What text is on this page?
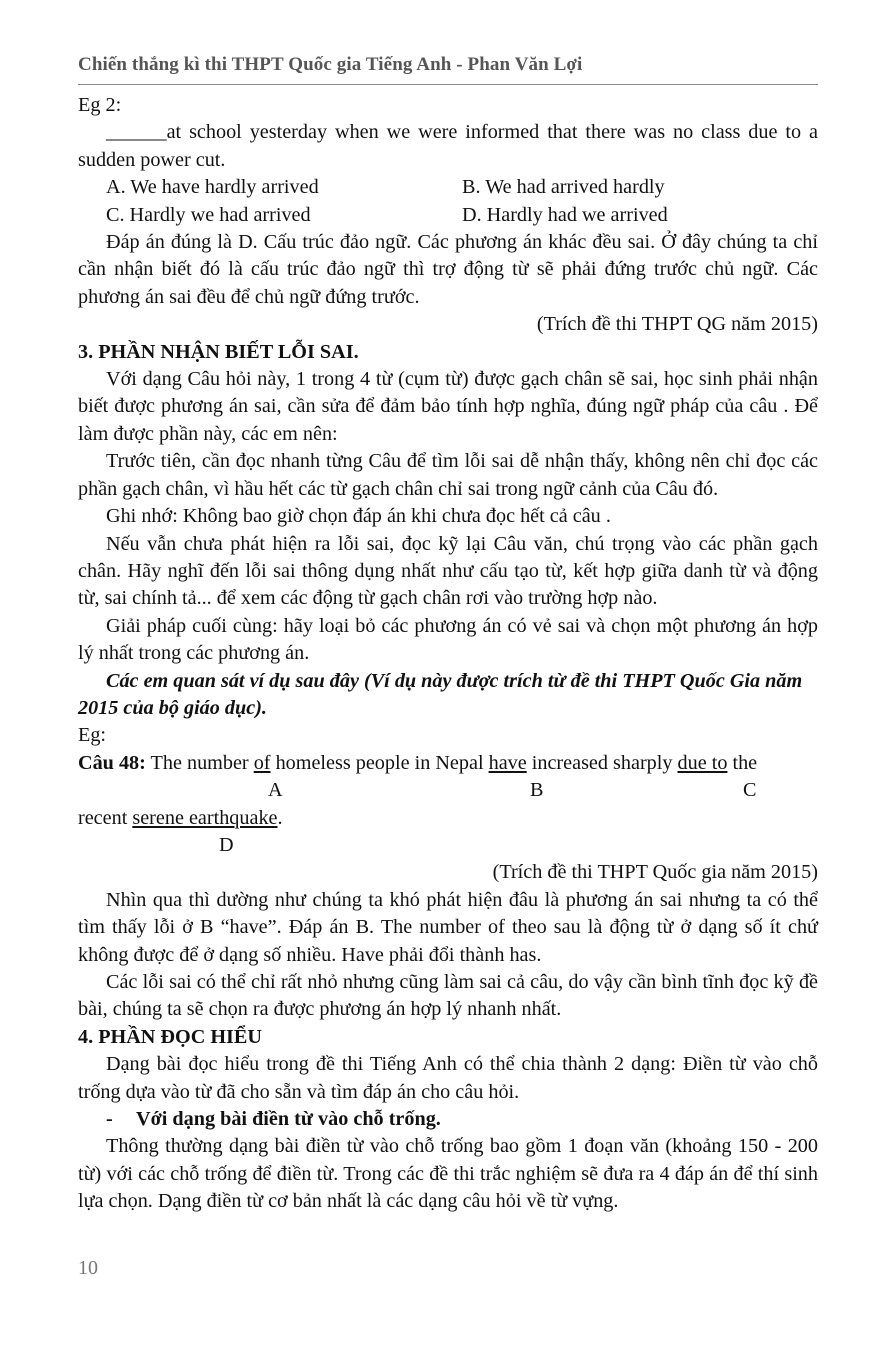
Chiến thắng kì thi THPT Quốc gia Tiếng Anh - Phan Văn Lợi

Eg 2:

______at school yesterday when we were informed that there was no class due to a sudden power cut.

A. We have hardly arrived	B. We had arrived hardly
C. Hardly we had arrived	D. Hardly had we arrived

Đáp án đúng là D. Cấu trúc đảo ngữ. Các phương án khác đều sai. Ở đây chúng ta chỉ cần nhận biết đó là cấu trúc đảo ngữ thì trợ động từ sẽ phải đứng trước chủ ngữ. Các phương án sai đều để chủ ngữ đứng trước.

(Trích đề thi THPT QG năm 2015)

3. PHẦN NHẬN BIẾT LỖI SAI.

Với dạng Câu hỏi này, 1 trong 4 từ (cụm từ) được gạch chân sẽ sai, học sinh phải nhận biết được phương án sai, cần sửa để đảm bảo tính hợp nghĩa, đúng ngữ pháp của câu . Để làm được phần này, các em nên:

Trước tiên, cần đọc nhanh từng Câu để tìm lỗi sai dễ nhận thấy, không nên chỉ đọc các phần gạch chân, vì hầu hết các từ gạch chân chỉ sai trong ngữ cảnh của Câu đó.

Ghi nhớ: Không bao giờ chọn đáp án khi chưa đọc hết cả câu .

Nếu vẫn chưa phát hiện ra lỗi sai, đọc kỹ lại Câu văn, chú trọng vào các phần gạch chân. Hãy nghĩ đến lỗi sai thông dụng nhất như cấu tạo từ, kết hợp giữa danh từ và động từ, sai chính tả... để xem các động từ gạch chân rơi vào trường hợp nào.

Giải pháp cuối cùng: hãy loại bỏ các phương án có vẻ sai và chọn một phương án hợp lý nhất trong các phương án.

Các em quan sát ví dụ sau đây (Ví dụ này được trích từ đề thi THPT Quốc Gia năm 2015 của bộ giáo dục).

Eg:

Câu 48: The number of homeless people in Nepal have increased sharply due to the

A	B	C

recent serene earthquake.

D

(Trích đề thi THPT Quốc gia năm 2015)

Nhìn qua thì dường như chúng ta khó phát hiện đâu là phương án sai nhưng ta có thể tìm thấy lỗi ở B “have”. Đáp án B. The number of theo sau là động từ ở dạng số ít chứ không được để ở dạng số nhiều. Have phải đổi thành has.

Các lỗi sai có thể chỉ rất nhỏ nhưng cũng làm sai cả câu, do vậy cần bình tĩnh đọc kỹ đề bài, chúng ta sẽ chọn ra được phương án hợp lý nhanh nhất.

4. PHẦN ĐỌC HIỂU

Dạng bài đọc hiểu trong đề thi Tiếng Anh có thể chia thành 2 dạng: Điền từ vào chỗ trống dựa vào từ đã cho sẵn và tìm đáp án cho câu hỏi.

- Với dạng bài điền từ vào chỗ trống.

Thông thường dạng bài điền từ vào chỗ trống bao gồm 1 đoạn văn (khoảng 150 - 200 từ) với các chỗ trống để điền từ. Trong các đề thi trắc nghiệm sẽ đưa ra 4 đáp án để thí sinh lựa chọn. Dạng điền từ cơ bản nhất là các dạng câu hỏi về từ vựng.

10
